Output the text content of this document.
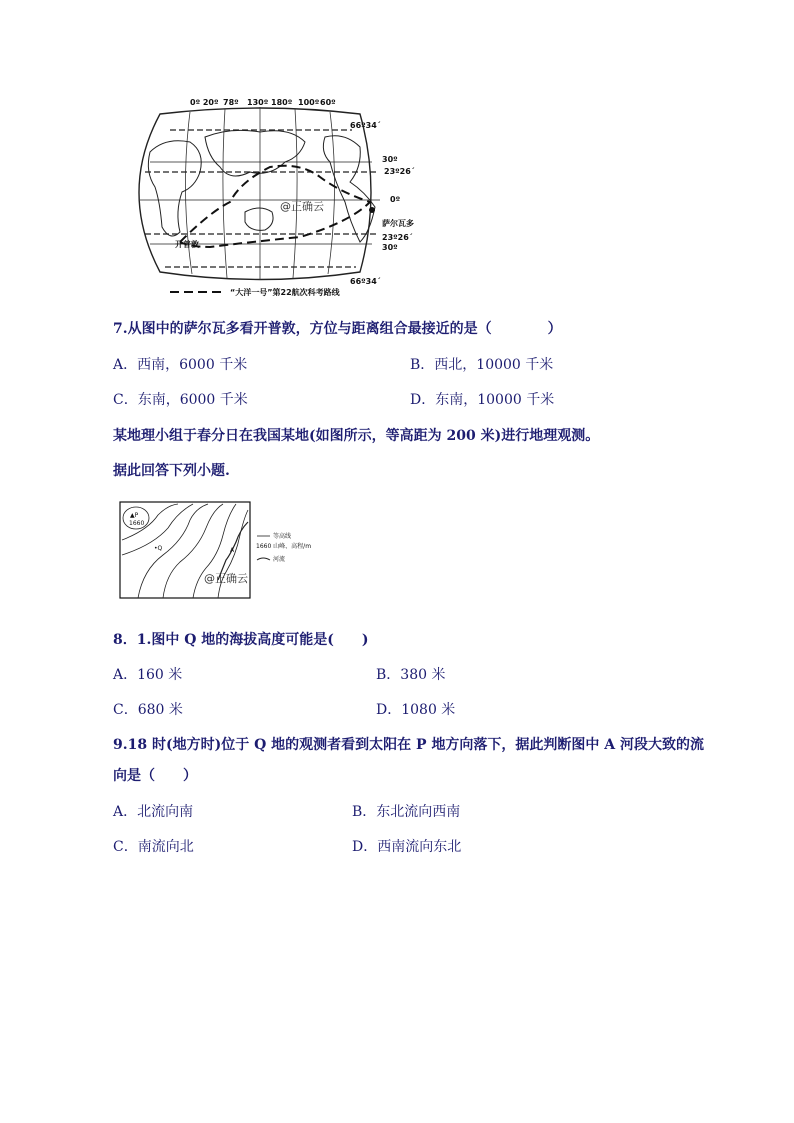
0º 20º 78º 130º 180º 100º 60º
66º34ˊ
30º
23º26ˊ
0º
23º26ˊ
30º
66º34ˊ
萨尔瓦多
开普敦
@正确云
“大洋一号”第22航次科考路线
7.从图中的萨尔瓦多看开普敦，方位与距离组合最接近的是（　　　　）
A．西南，6000 千米	B．西北，10000 千米
C．东南，6000 千米	D．东南，10000 千米
某地理小组于春分日在我国某地(如图所示，等高距为 200 米)进行地理观测。
据此回答下列小题.
▲P
1660
•Q	A
@正确云
等高线
1660 山峰、高程/m
河流
8．1.图中 Q 地的海拔高度可能是(　　)
A．160 米	B．380 米
C．680 米	D．1080 米
9.18 时(地方时)位于 Q 地的观测者看到太阳在 P 地方向落下，据此判断图中 A 河段大致的流
向是（　　）
A．北流向南	B．东北流向西南
C．南流向北	D．西南流向东北
